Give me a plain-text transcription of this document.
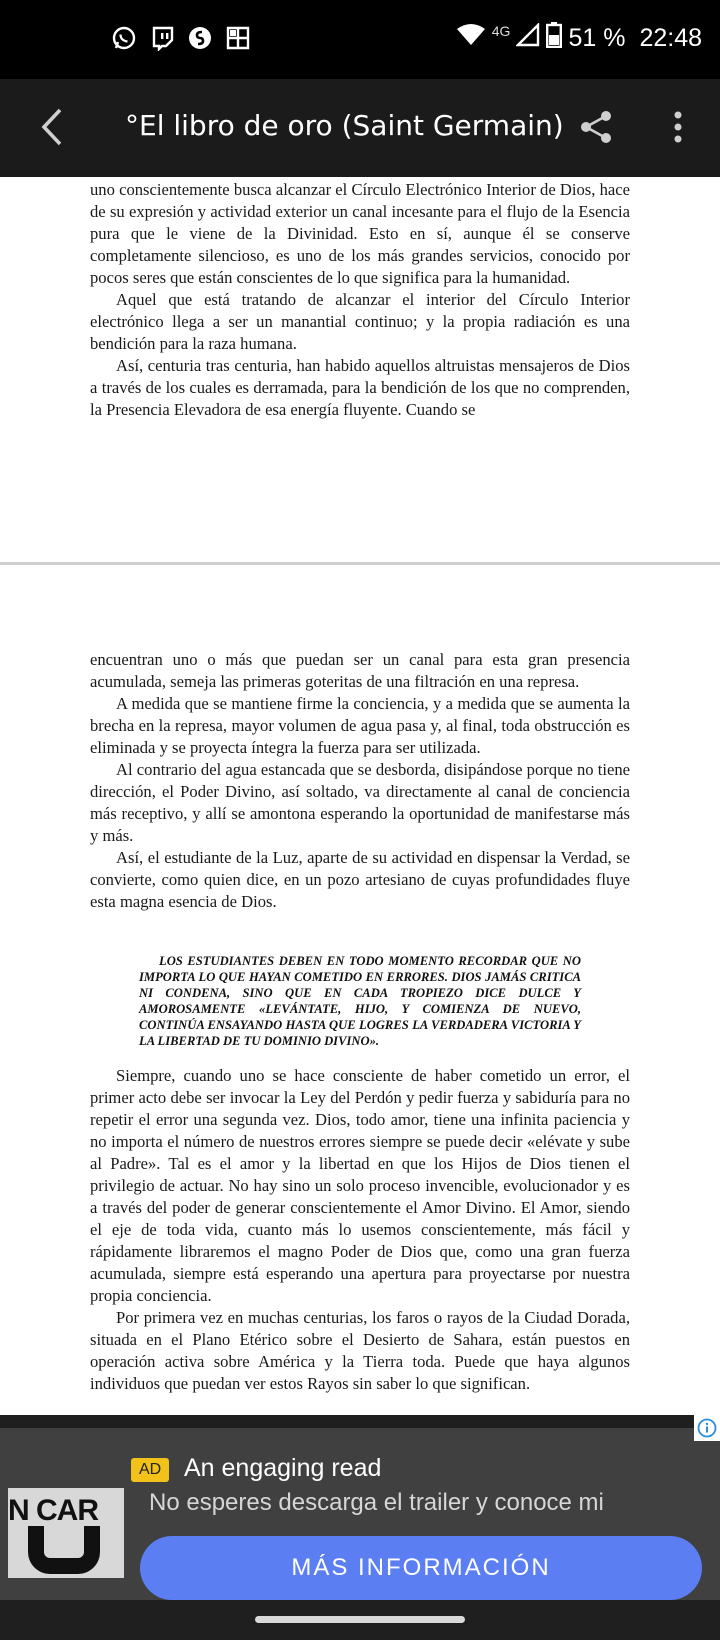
4G 51 % 22:48
°El libro de oro (Saint Germain)

uno conscientemente busca alcanzar el Círculo Electrónico Interior de Dios, hace de su expresión y actividad exterior un canal incesante para el flujo de la Esencia pura que le viene de la Divinidad. Esto en sí, aunque él se conserve completamente silencioso, es uno de los más grandes servicios, conocido por pocos seres que están conscientes de lo que significa para la humanidad.

Aquel que está tratando de alcanzar el interior del Círculo Interior electrónico llega a ser un manantial continuo; y la propia radiación es una bendición para la raza humana.

Así, centuria tras centuria, han habido aquellos altruistas mensajeros de Dios a través de los cuales es derramada, para la bendición de los que no comprenden, la Presencia Elevadora de esa energía fluyente. Cuando se

encuentran uno o más que puedan ser un canal para esta gran presencia acumulada, semeja las primeras goteritas de una filtración en una represa.

A medida que se mantiene firme la conciencia, y a medida que se aumenta la brecha en la represa, mayor volumen de agua pasa y, al final, toda obstrucción es eliminada y se proyecta íntegra la fuerza para ser utilizada.

Al contrario del agua estancada que se desborda, disipándose porque no tiene dirección, el Poder Divino, así soltado, va directamente al canal de conciencia más receptivo, y allí se amontona esperando la oportunidad de manifestarse más y más.

Así, el estudiante de la Luz, aparte de su actividad en dispensar la Verdad, se convierte, como quien dice, en un pozo artesiano de cuyas profundidades fluye esta magna esencia de Dios.

LOS ESTUDIANTES DEBEN EN TODO MOMENTO RECORDAR QUE NO IMPORTA LO QUE HAYAN COMETIDO EN ERRORES. DIOS JAMÁS CRITICA NI CONDENA, SINO QUE EN CADA TROPIEZO DICE DULCE Y AMOROSAMENTE «LEVÁNTATE, HIJO, Y COMIENZA DE NUEVO, CONTINÚA ENSAYANDO HASTA QUE LOGRES LA VERDADERA VICTORIA Y LA LIBERTAD DE TU DOMINIO DIVINO».

Siempre, cuando uno se hace consciente de haber cometido un error, el primer acto debe ser invocar la Ley del Perdón y pedir fuerza y sabiduría para no repetir el error una segunda vez. Dios, todo amor, tiene una infinita paciencia y no importa el número de nuestros errores siempre se puede decir «elévate y sube al Padre». Tal es el amor y la libertad en que los Hijos de Dios tienen el privilegio de actuar. No hay sino un solo proceso invencible, evolucionador y es a través del poder de generar conscientemente el Amor Divino. El Amor, siendo el eje de toda vida, cuanto más lo usemos conscientemente, más fácil y rápidamente libraremos el magno Poder de Dios que, como una gran fuerza acumulada, siempre está esperando una apertura para proyectarse por nuestra propia conciencia.

Por primera vez en muchas centurias, los faros o rayos de la Ciudad Dorada, situada en el Plano Etérico sobre el Desierto de Sahara, están puestos en operación activa sobre América y la Tierra toda. Puede que haya algunos individuos que puedan ver estos Rayos sin saber lo que significan.

N CAR
AD An engaging read
No esperes descarga el trailer y conoce mi
MÁS INFORMACIÓN
